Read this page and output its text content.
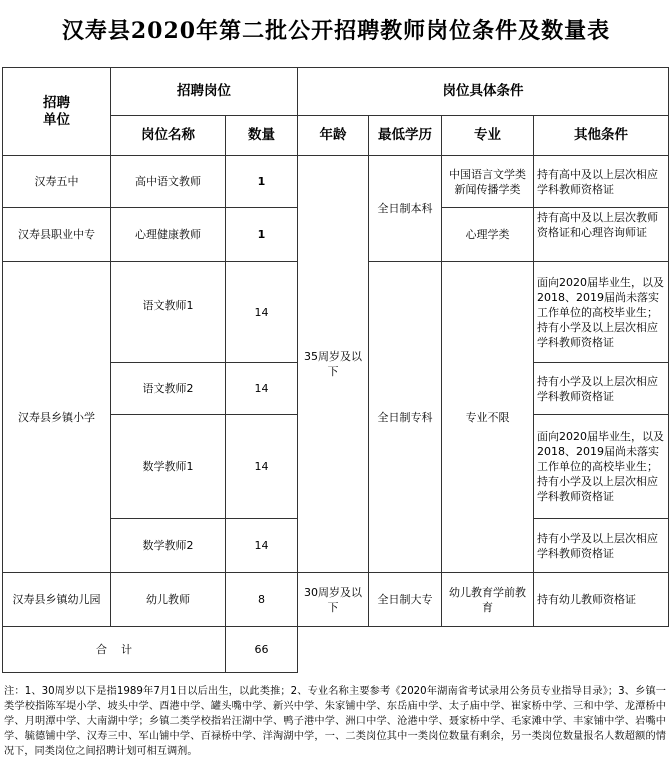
汉寿县2020年第二批公开招聘教师岗位条件及数量表
招聘
单位	招聘岗位		岗位具体条件			
	岗位名称	数量	年龄	最低学历	专业	其他条件
汉寿五中	高中语文教师	1	35周岁及以下	全日制本科	中国语言文学类新闻传播学类	持有高中及以上层次相应学科教师资格证
汉寿县职业中专	心理健康教师	1			心理学类	持有高中及以上层次教师资格证和心理咨询师证
汉寿县乡镇小学	语文教师1	14		全日制专科	专业不限	面向2020届毕业生，以及2018、2019届尚未落实工作单位的高校毕业生；持有小学及以上层次相应学科教师资格证
	语文教师2	14				持有小学及以上层次相应学科教师资格证
	数学教师1	14				面向2020届毕业生，以及2018、2019届尚未落实工作单位的高校毕业生；持有小学及以上层次相应学科教师资格证
	数学教师2	14				持有小学及以上层次相应学科教师资格证
汉寿县乡镇幼儿园	幼儿教师	8	30周岁及以下	全日制大专	幼儿教育学前教育	持有幼儿教师资格证
合    计		66				
注：1、30周岁以下是指1989年7月1日以后出生，以此类推；2、专业名称主要参考《2020年湖南省考试录用公务员专业指导目录》；3、乡镇一类学校指陈军堤小学、坡头中学、酉港中学、罐头嘴中学、新兴中学、朱家铺中学、东岳庙中学、太子庙中学、崔家桥中学、三和中学、龙潭桥中学、月明潭中学、大南湖中学；乡镇二类学校指岩汪湖中学、鸭子港中学、洲口中学、沧港中学、聂家桥中学、毛家滩中学、丰家铺中学、岩嘴中学、毓德铺中学、汉寿三中、军山铺中学、百禄桥中学、洋淘湖中学，一、二类岗位其中一类岗位数量有剩余，另一类岗位数量报名人数超额的情况下，同类岗位之间招聘计划可相互调剂。
